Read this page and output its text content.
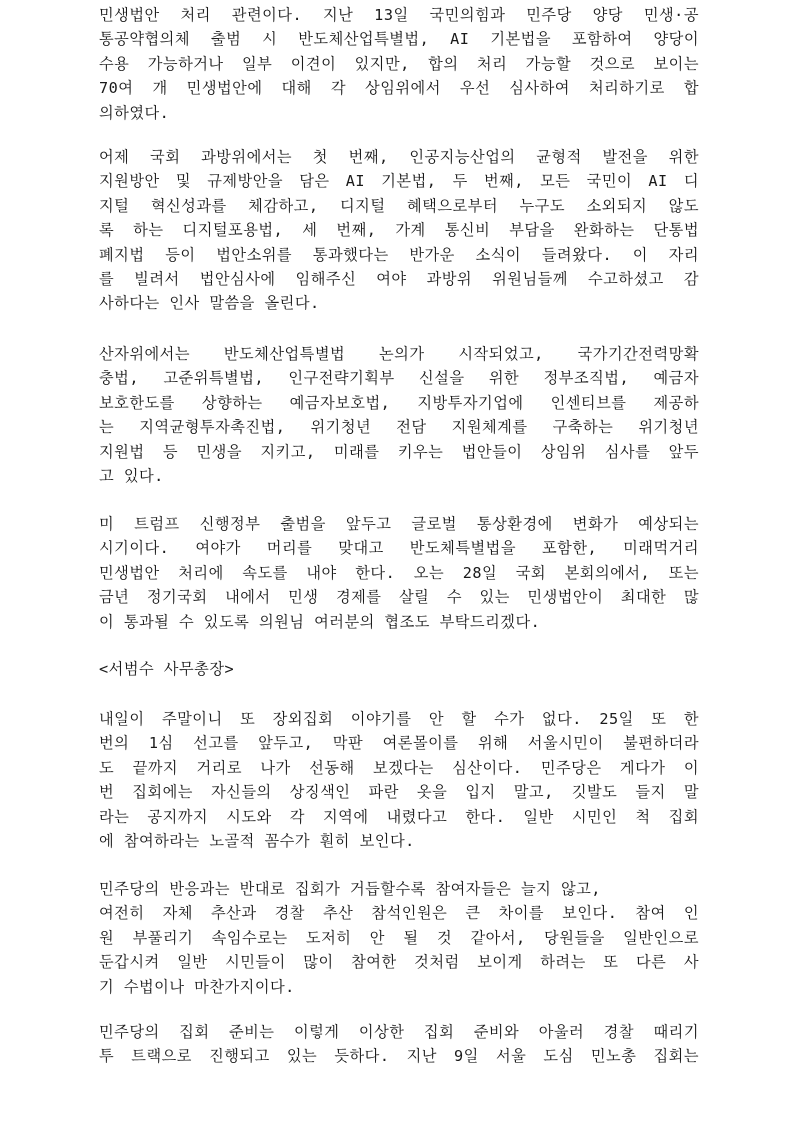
민생법안 처리 관련이다. 지난 13일 국민의힘과 민주당 양당 민생·공
통공약협의체 출범 시 반도체산업특별법, AI 기본법을 포함하여 양당이
수용 가능하거나 일부 이견이 있지만, 합의 처리 가능할 것으로 보이는
70여 개 민생법안에 대해 각 상임위에서 우선 심사하여 처리하기로 합
의하였다.
어제 국회 과방위에서는 첫 번째, 인공지능산업의 균형적 발전을 위한
지원방안 및 규제방안을 담은 AI 기본법, 두 번째, 모든 국민이 AI 디
지털 혁신성과를 체감하고, 디지털 혜택으로부터 누구도 소외되지 않도
록 하는 디지털포용법, 세 번째, 가계 통신비 부담을 완화하는 단통법
폐지법 등이 법안소위를 통과했다는 반가운 소식이 들려왔다. 이 자리
를 빌려서 법안심사에 임해주신 여야 과방위 위원님들께 수고하셨고 감
사하다는 인사 말씀을 올린다.
산자위에서는 반도체산업특별법 논의가 시작되었고, 국가기간전력망확
충법, 고준위특별법, 인구전략기획부 신설을 위한 정부조직법, 예금자
보호한도를 상향하는 예금자보호법, 지방투자기업에 인센티브를 제공하
는 지역균형투자촉진법, 위기청년 전담 지원체계를 구축하는 위기청년
지원법 등 민생을 지키고, 미래를 키우는 법안들이 상임위 심사를 앞두
고 있다.
미 트럼프 신행정부 출범을 앞두고 글로벌 통상환경에 변화가 예상되는
시기이다. 여야가 머리를 맞대고 반도체특별법을 포함한, 미래먹거리
민생법안 처리에 속도를 내야 한다. 오는 28일 국회 본회의에서, 또는
금년 정기국회 내에서 민생 경제를 살릴 수 있는 민생법안이 최대한 많
이 통과될 수 있도록 의원님 여러분의 협조도 부탁드리겠다.
<서범수 사무총장>
내일이 주말이니 또 장외집회 이야기를 안 할 수가 없다. 25일 또 한
번의 1심 선고를 앞두고, 막판 여론몰이를 위해 서울시민이 불편하더라
도 끝까지 거리로 나가 선동해 보겠다는 심산이다. 민주당은 게다가 이
번 집회에는 자신들의 상징색인 파란 옷을 입지 말고, 깃발도 들지 말
라는 공지까지 시도와 각 지역에 내렸다고 한다. 일반 시민인 척 집회
에 참여하라는 노골적 꼼수가 훤히 보인다.
민주당의 반응과는 반대로 집회가 거듭할수록 참여자들은 늘지 않고,
여전히 자체 추산과 경찰 추산 참석인원은 큰 차이를 보인다. 참여 인
원 부풀리기 속임수로는 도저히 안 될 것 같아서, 당원들을 일반인으로
둔갑시켜 일반 시민들이 많이 참여한 것처럼 보이게 하려는 또 다른 사
기 수법이나 마찬가지이다.
민주당의 집회 준비는 이렇게 이상한 집회 준비와 아울러 경찰 때리기
투 트랙으로 진행되고 있는 듯하다. 지난 9일 서울 도심 민노총 집회는
